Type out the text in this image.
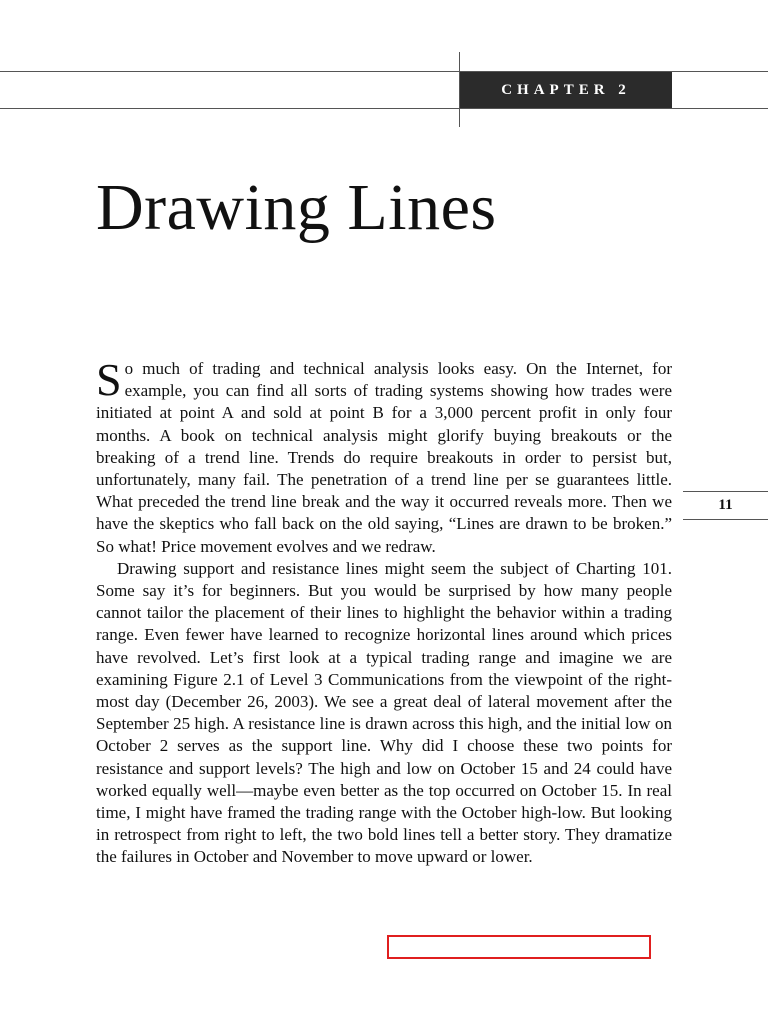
CHAPTER 2
Drawing Lines

So much of trading and technical analysis looks easy. On the Internet, for example, you can find all sorts of trading systems showing how trades were initiated at point A and sold at point B for a 3,000 percent profit in only four months. A book on technical analysis might glorify buying breakouts or the breaking of a trend line. Trends do require breakouts in order to persist but, unfortunately, many fail. The penetration of a trend line per se guarantees little. What preceded the trend line break and the way it occurred reveals more. Then we have the skeptics who fall back on the old saying, “Lines are drawn to be broken.” So what! Price movement evolves and we redraw.

Drawing support and resistance lines might seem the subject of Charting 101. Some say it’s for beginners. But you would be surprised by how many people cannot tailor the placement of their lines to highlight the behavior within a trading range. Even fewer have learned to recognize horizontal lines around which prices have revolved. Let’s first look at a typical trading range and imagine we are examining Figure 2.1 of Level 3 Communications from the viewpoint of the right-most day (December 26, 2003). We see a great deal of lateral movement after the September 25 high. A resistance line is drawn across this high, and the initial low on October 2 serves as the support line. Why did I choose these two points for resistance and support levels? The high and low on October 15 and 24 could have worked equally well—maybe even better as the top occurred on October 15. In real time, I might have framed the trading range with the October high-low. But looking in retrospect from right to left, the two bold lines tell a better story. They dramatize the failures in October and November to move upward or lower.

11
